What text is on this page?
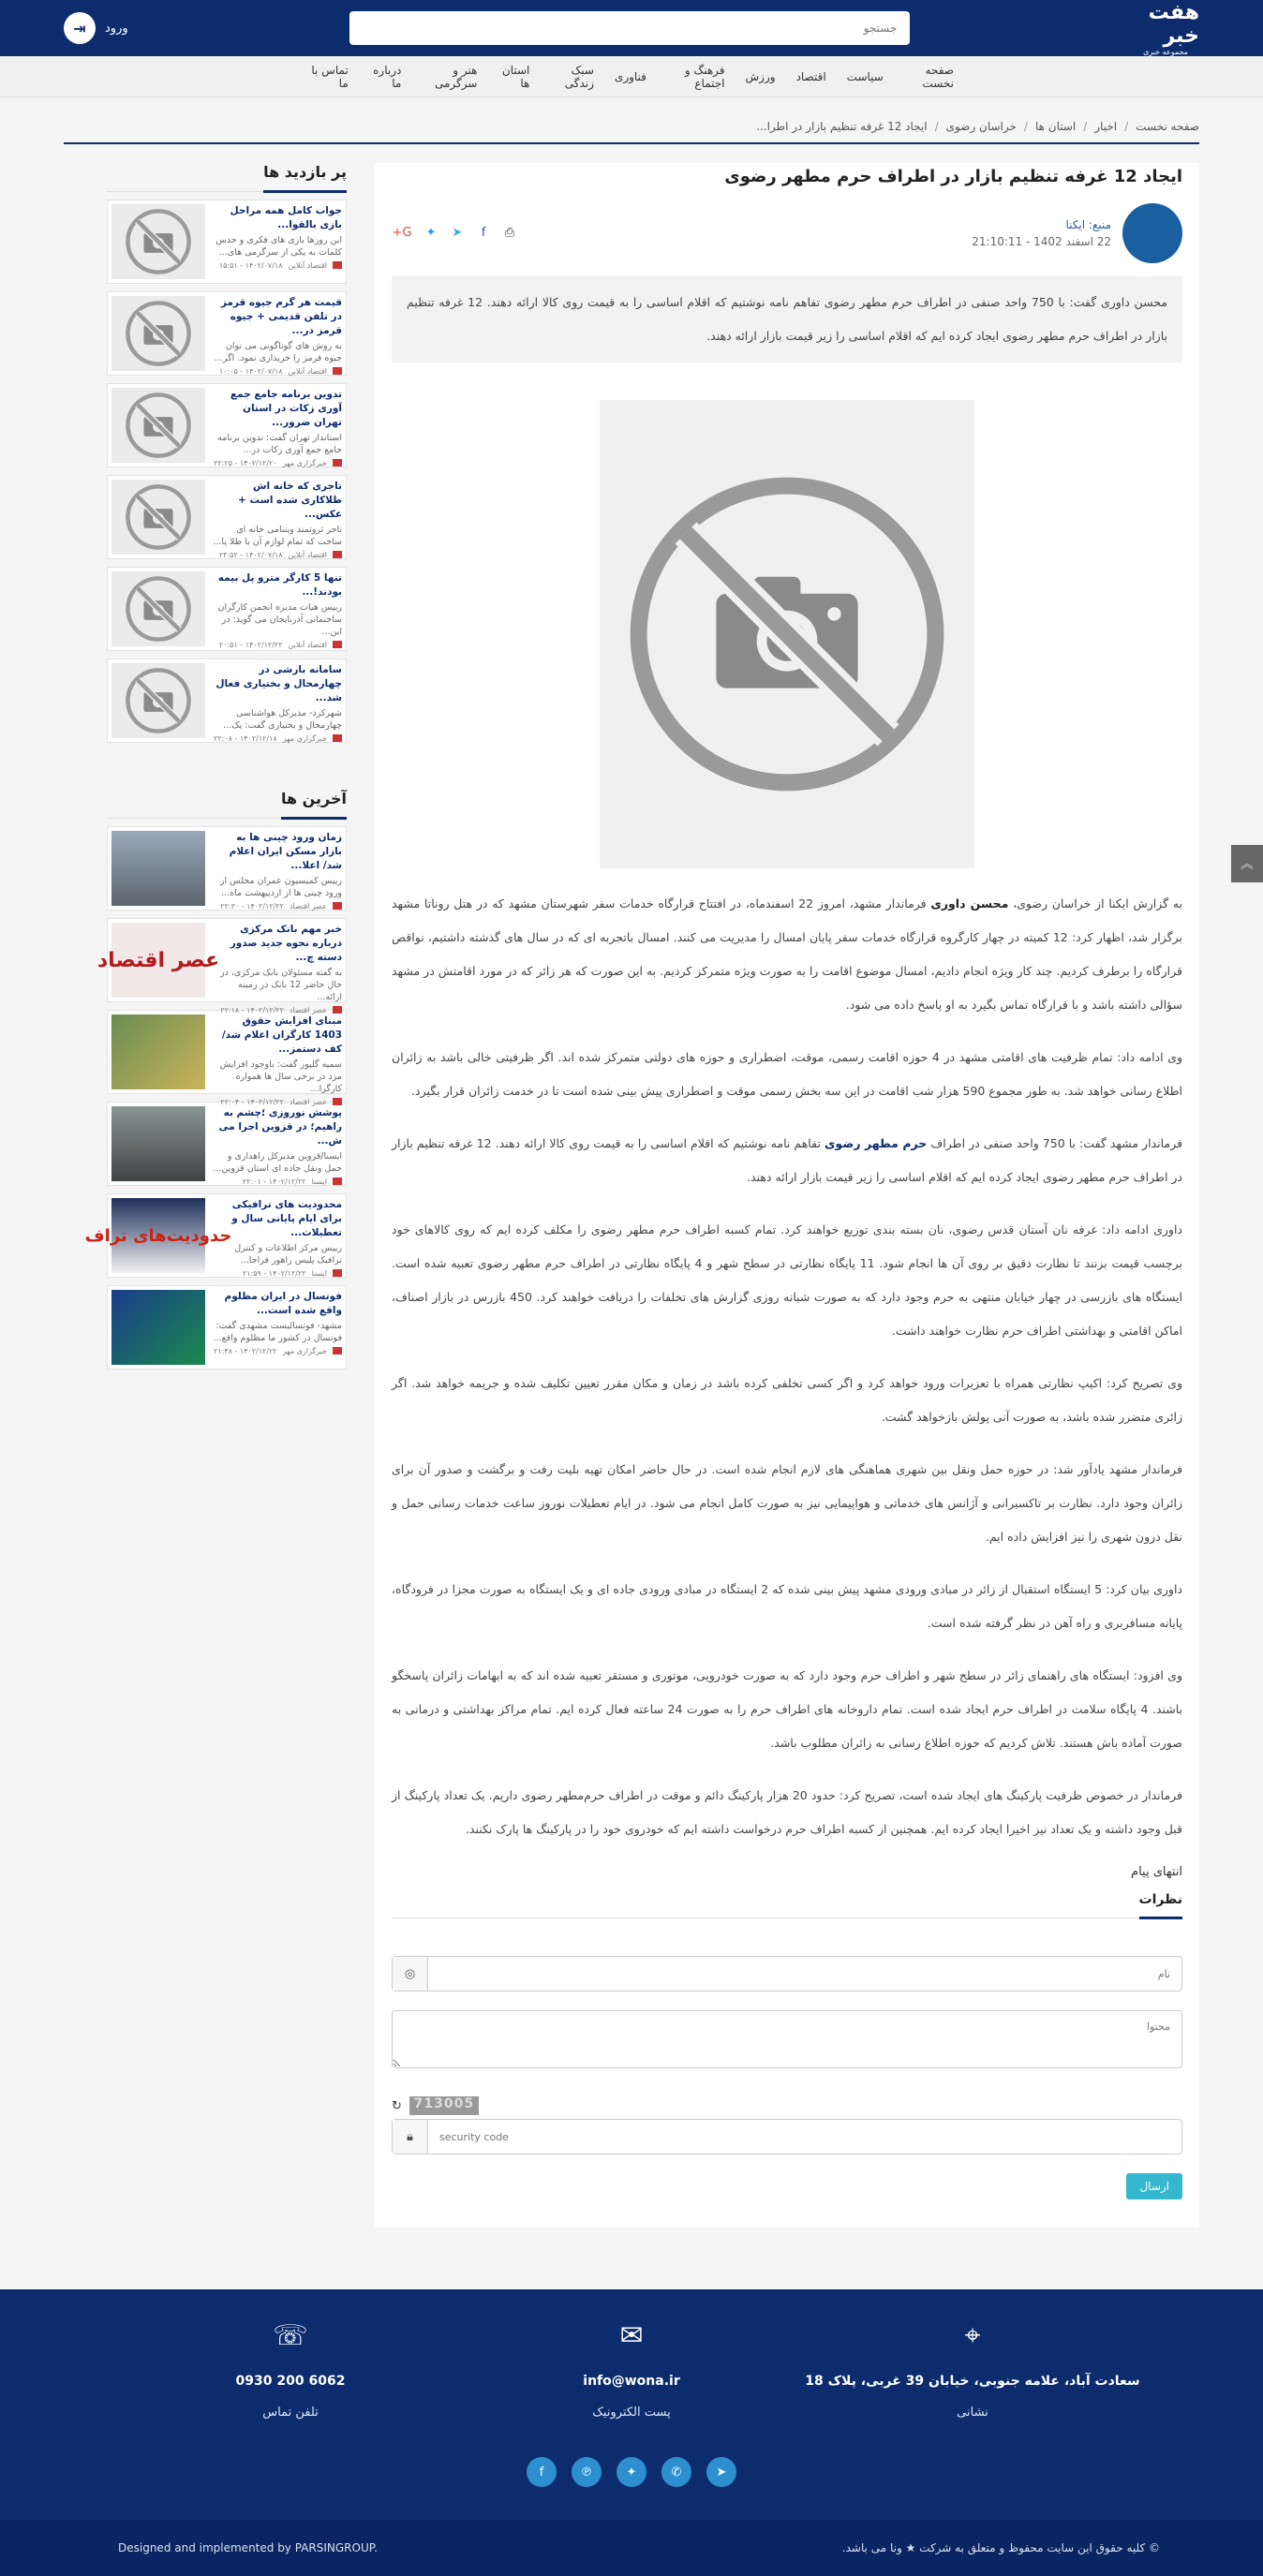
هفت خبر
مجموعه خبری
جستجو
ورود
⇥
صفحه نخست
سیاست
اقتصاد
ورزش
فرهنگ و اجتماع
فناوری
سبک زندگی
استان ها
هنر و سرگرمی
درباره ما
تماس با ما
صفحه نخست
/
اخبار
/
استان ها
/
خراسان رضوی
/
ایجاد 12 غرفه تنظیم بازار در اطرا...
ایجاد 12 غرفه تنظیم بازار در اطراف حرم مطهر رضوی
منبع: ایکنا
22 اسفند 1402 - 21:10:11
⎙
f
➤
✦
G+
محسن داوری گفت: با 750 واحد صنفی در اطراف حرم مطهر رضوی تفاهم نامه نوشتیم که اقلام اساسی را به قیمت روی کالا ارائه دهند. 12 غرفه تنظیم بازار در اطراف حرم مطهر رضوی ایجاد کرده ایم که اقلام اساسی را زیر قیمت بازار ارائه دهند.

به گزارش ایکنا از خراسان رضوی، محسن داوری فرماندار مشهد، امروز 22 اسفندماه، در افتتاح قرارگاه خدمات سفر شهرستان مشهد که در هتل روناتا مشهد برگزار شد، اظهار کرد: 12 کمیته در چهار کارگروه قرارگاه خدمات سفر پایان امسال را مدیریت می کنند. امسال باتجربه ای که در سال های گذشته داشتیم، نواقص قرارگاه را برطرف کردیم. چند کار ویژه انجام دادیم، امسال موضوع اقامت را به صورت ویژه متمرکز کردیم. به این صورت که هر زائر که در مورد اقامتش در مشهد سؤالی داشته باشد و با قرارگاه تماس بگیرد به او پاسخ داده می شود.

وی ادامه داد: تمام ظرفیت های اقامتی مشهد در 4 حوزه اقامت رسمی، موقت، اضطراری و حوزه های دولتی متمرکز شده اند. اگر ظرفیتی خالی باشد به زائران اطلاع رسانی خواهد شد. به طور مجموع 590 هزار شب اقامت در این سه بخش رسمی موقت و اضطراری پیش بینی شده است تا در خدمت زائران قرار بگیرد.

فرماندار مشهد گفت: با 750 واحد صنفی در اطراف حرم مطهر رضوی تفاهم نامه نوشتیم که اقلام اساسی را به قیمت روی کالا ارائه دهند. 12 غرفه تنظیم بازار در اطراف حرم مطهر رضوی ایجاد کرده ایم که اقلام اساسی را زیر قیمت بازار ارائه دهند.

داوری ادامه داد: غرفه نان آستان قدس رضوی، نان بسته بندی توزیع خواهند کرد. تمام کسبه اطراف حرم مطهر رضوی را مکلف کرده ایم که روی کالاهای خود برچسب قیمت بزنند تا نظارت دقیق بر روی آن ها انجام شود. 11 پایگاه نظارتی در سطح شهر و 4 پایگاه نظارتی در اطراف حرم مطهر رضوی تعبیه شده است. ایستگاه های بازرسی در چهار خیابان منتهی به حرم وجود دارد که به صورت شبانه روزی گزارش های تخلفات را دریافت خواهند کرد. 450 بازرس در بازار اصناف، اماکن اقامتی و بهداشتی اطراف حرم نظارت خواهند داشت.

وی تصریح کرد: اکیپ نظارتی همراه با تعزیرات ورود خواهد کرد و اگر کسی تخلفی کرده باشد در زمان و مکان مقرر تعیین تکلیف شده و جریمه خواهد شد. اگر زائری متضرر شده باشد، به صورت آنی پولش بازخواهد گشت.

فرماندار مشهد یادآور شد: در حوزه حمل ونقل بین شهری هماهنگی های لازم انجام شده است. در حال حاضر امکان تهیه بلیت رفت و برگشت و صدور آن برای زائران وجود دارد. نظارت بر تاکسیرانی و آژانس های خدماتی و هواپیمایی نیز به صورت کامل انجام می شود. در ایام تعطیلات نوروز ساعت خدمات رسانی حمل و نقل درون شهری را نیز افزایش داده ایم.

داوری بیان کرد: 5 ایستگاه استقبال از زائر در مبادی ورودی مشهد پیش بینی شده که 2 ایستگاه در مبادی ورودی جاده ای و یک ایستگاه به صورت مجزا در فرودگاه، پایانه مسافربری و راه آهن در نظر گرفته شده است.

وی افزود: ایستگاه های راهنمای زائر در سطح شهر و اطراف حرم وجود دارد که به صورت خودرویی، موتوری و مستقر تعبیه شده اند که به ابهامات زائران پاسخگو باشند. 4 پایگاه سلامت در اطراف حرم ایجاد شده است. تمام داروخانه های اطراف حرم را به صورت 24 ساعته فعال کرده ایم. تمام مراکز بهداشتی و درمانی به صورت آماده باش هستند. تلاش کردیم که حوزه اطلاع رسانی به زائران مطلوب باشد.

فرماندار در خصوص ظرفیت پارکینگ های ایجاد شده است، تصریح کرد: حدود 20 هزار پارکینگ دائم و موقت در اطراف حرم‌مطهر رضوی داریم. یک تعداد پارکینگ از قبل وجود داشته و یک تعداد نیز اخیرا ایجاد کرده ایم. همچنین از کسبه اطراف حرم درخواست داشته ایم که خودروی خود را در پارکینگ ها پارک نکنند.

انتهای پیام
نظرات
نام
◎
محتوا
713005
↻
security code
🔒︎
ارسال
پر بازدید ها
جواب کامل همه مراحل بازی بالقوا...
این روزها بازی های فکری و حدس کلمات به یکی از سرگرمی های...
اقتصاد آنلاین
۱۴۰۲/۰۷/۱۸ - ۱۵:۵۱
قیمت هر گرم جیوه قرمز در تلفن قدیمی + جیوه قرمز در...
به روش های گوناگونی می توان جیوه قرمز را خریداری نمود. اگر...
اقتصاد آنلاین
۱۴۰۲/۰۷/۱۸ - ۱۰:۰۵
تدوین برنامه جامع جمع آوری زکات در استان تهران ضرور...
استاندار تهران گفت: تدوین برنامه جامع جمع آوری زکات در...
خبرگزاری مهر
۱۴۰۲/۱۲/۲۰ - ۲۲:۲۵
تاجری که خانه اش طلاکاری شده است + عکس...
تاجر ثروتمند ویتنامی خانه ای ساخت که تمام لوازم آن با طلا پا...
اقتصاد آنلاین
۱۴۰۲/۰۷/۱۸ - ۲۳:۵۲
تنها 5 کارگر مترو پل بیمه بودند!...
رییس هیات مدیره انجمن کارگران ساختمانی آذربایجان می گوید: در این...
اقتصاد آنلاین
۱۴۰۲/۱۲/۲۲ - ۲۰:۵۱
سامانه بارشی در چهارمحال و بختیاری فعال شد...
شهرکرد- مدیرکل هواشناسی چهارمحال و بختیاری گفت: یک...
خبرگزاری مهر
۱۴۰۲/۱۲/۱۸ - ۲۲:۰۸
آخرین ها
زمان ورود چینی ها به بازار مسکن ایران اعلام شد/ اعلا...
رییس کمیسیون عمران مجلس از ورود چینی ها از اردیبهشت ماه...
عصر اقتصاد
۱۴۰۲/۱۲/۲۲ - ۲۲:۳۰
خبر مهم بانک مرکزی درباره نحوه جدید صدور دسته چ...
به گفته مسئولان بانک مرکزی، در حال حاضر 12 بانک در زمینه ارائه...
عصر اقتصاد
۱۴۰۲/۱۲/۲۲ - ۲۲:۱۸
عصر اقتصاد
مبنای افزایش حقوق 1403 کارگران اعلام شد/ کف دستمز...
سمیه گلپور گفت: باوجود افزایش مزد در برخی سال ها همواره کارگرا...
عصر اقتصاد
۱۴۰۲/۱۲/۲۲ - ۲۲:۰۴
پوشش نوروزی ؛چشم به راهیم؛ در قزوین اجرا می ش...
ایسنا/قزوین مدیرکل راهداری و حمل ونقل جاده ای استان قزوین...
ایسنا
۱۴۰۲/۱۲/۲۲ - ۲۲:۰۱
محدودیت های ترافیکی برای ایام پایانی سال و تعطیلات...
رییس مرکز اطلاعات و کنترل ترافیک پلیس راهور فراجا...
ایسنا
۱۴۰۲/۱۲/۲۲ - ۲۱:۵۹
حدودیت‌های تراف
فوتسال در ایران مظلوم واقع شده است...
مشهد- فوتسالیست مشهدی گفت: فوتسال در کشور ما مظلوم واقع...
خبرگزاری مهر
۱۴۰۲/۱۲/۲۲ - ۲۱:۴۸
︽
⌖
سعادت آباد، علامه جنوبی، خیابان 39 غربی، پلاک 18
نشانی
✉
info@wona.ir
پست الکترونیک
☏
0930 200 6062
تلفن تماس
➤
✆
✦
℗
f
© کلیه حقوق این سایت محفوظ و متعلق به شرکت ★ ونا می باشد.
Designed and implemented by PARSINGROUP.
